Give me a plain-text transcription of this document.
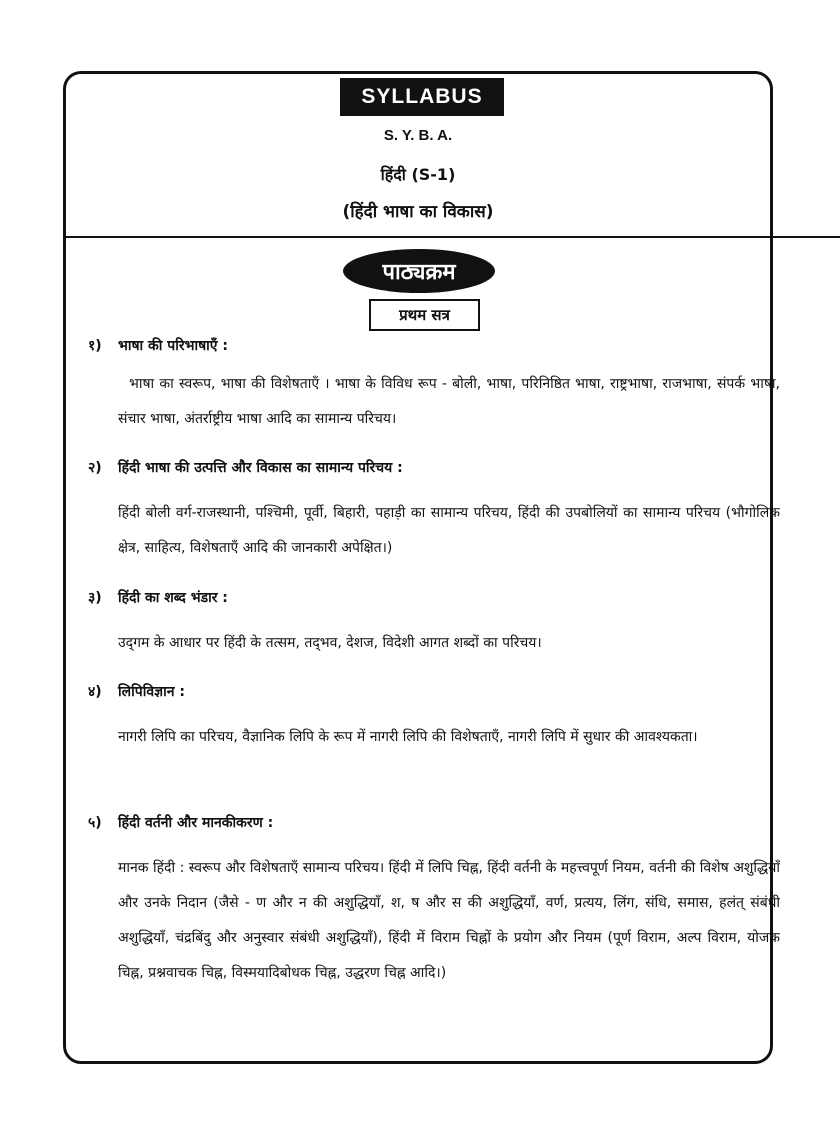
SYLLABUS
S. Y. B. A.
हिंदी (S-1)
(हिंदी भाषा का विकास)
पाठ्यक्रम
प्रथम सत्र
१) भाषा की परिभाषाएँ :
भाषा का स्वरूप, भाषा की विशेषताएँ । भाषा के विविध रूप - बोली, भाषा, परिनिष्ठित भाषा, राष्ट्रभाषा, राजभाषा, संपर्क भाषा, संचार भाषा, अंतर्राष्ट्रीय भाषा आदि का सामान्य परिचय।
२) हिंदी भाषा की उत्पत्ति और विकास का सामान्य परिचय :
हिंदी बोली वर्ग-राजस्थानी, पश्चिमी, पूर्वी, बिहारी, पहाड़ी का सामान्य परिचय, हिंदी की उपबोलियों का सामान्य परिचय (भौगोलिक क्षेत्र, साहित्य, विशेषताएँ आदि की जानकारी अपेक्षित।)
३) हिंदी का शब्द भंडार :
उद्‌गम के आधार पर हिंदी के तत्सम, तद्‌भव, देशज, विदेशी आगत शब्दों का परिचय।
४) लिपिविज्ञान :
नागरी लिपि का परिचय, वैज्ञानिक लिपि के रूप में नागरी लिपि की विशेषताएँ, नागरी लिपि में सुधार की आवश्यकता।
५) हिंदी वर्तनी और मानकीकरण :
मानक हिंदी : स्वरूप और विशेषताएँ सामान्य परिचय। हिंदी में लिपि चिह्न, हिंदी वर्तनी के महत्त्वपूर्ण नियम, वर्तनी की विशेष अशुद्धियाँ और उनके निदान (जैसे - ण और न की अशुद्धियाँ, श, ष और स की अशुद्धियाँ, वर्ण, प्रत्यय, लिंग, संधि, समास, हलंत्‌ संबंधी अशुद्धियाँ, चंद्रबिंदु और अनुस्वार संबंधी अशुद्धियाँ), हिंदी में विराम चिह्नों के प्रयोग और नियम (पूर्ण विराम, अल्प विराम, योजक चिह्न, प्रश्नवाचक चिह्न, विस्मयादिबोधक चिह्न, उद्धरण चिह्न आदि।)
